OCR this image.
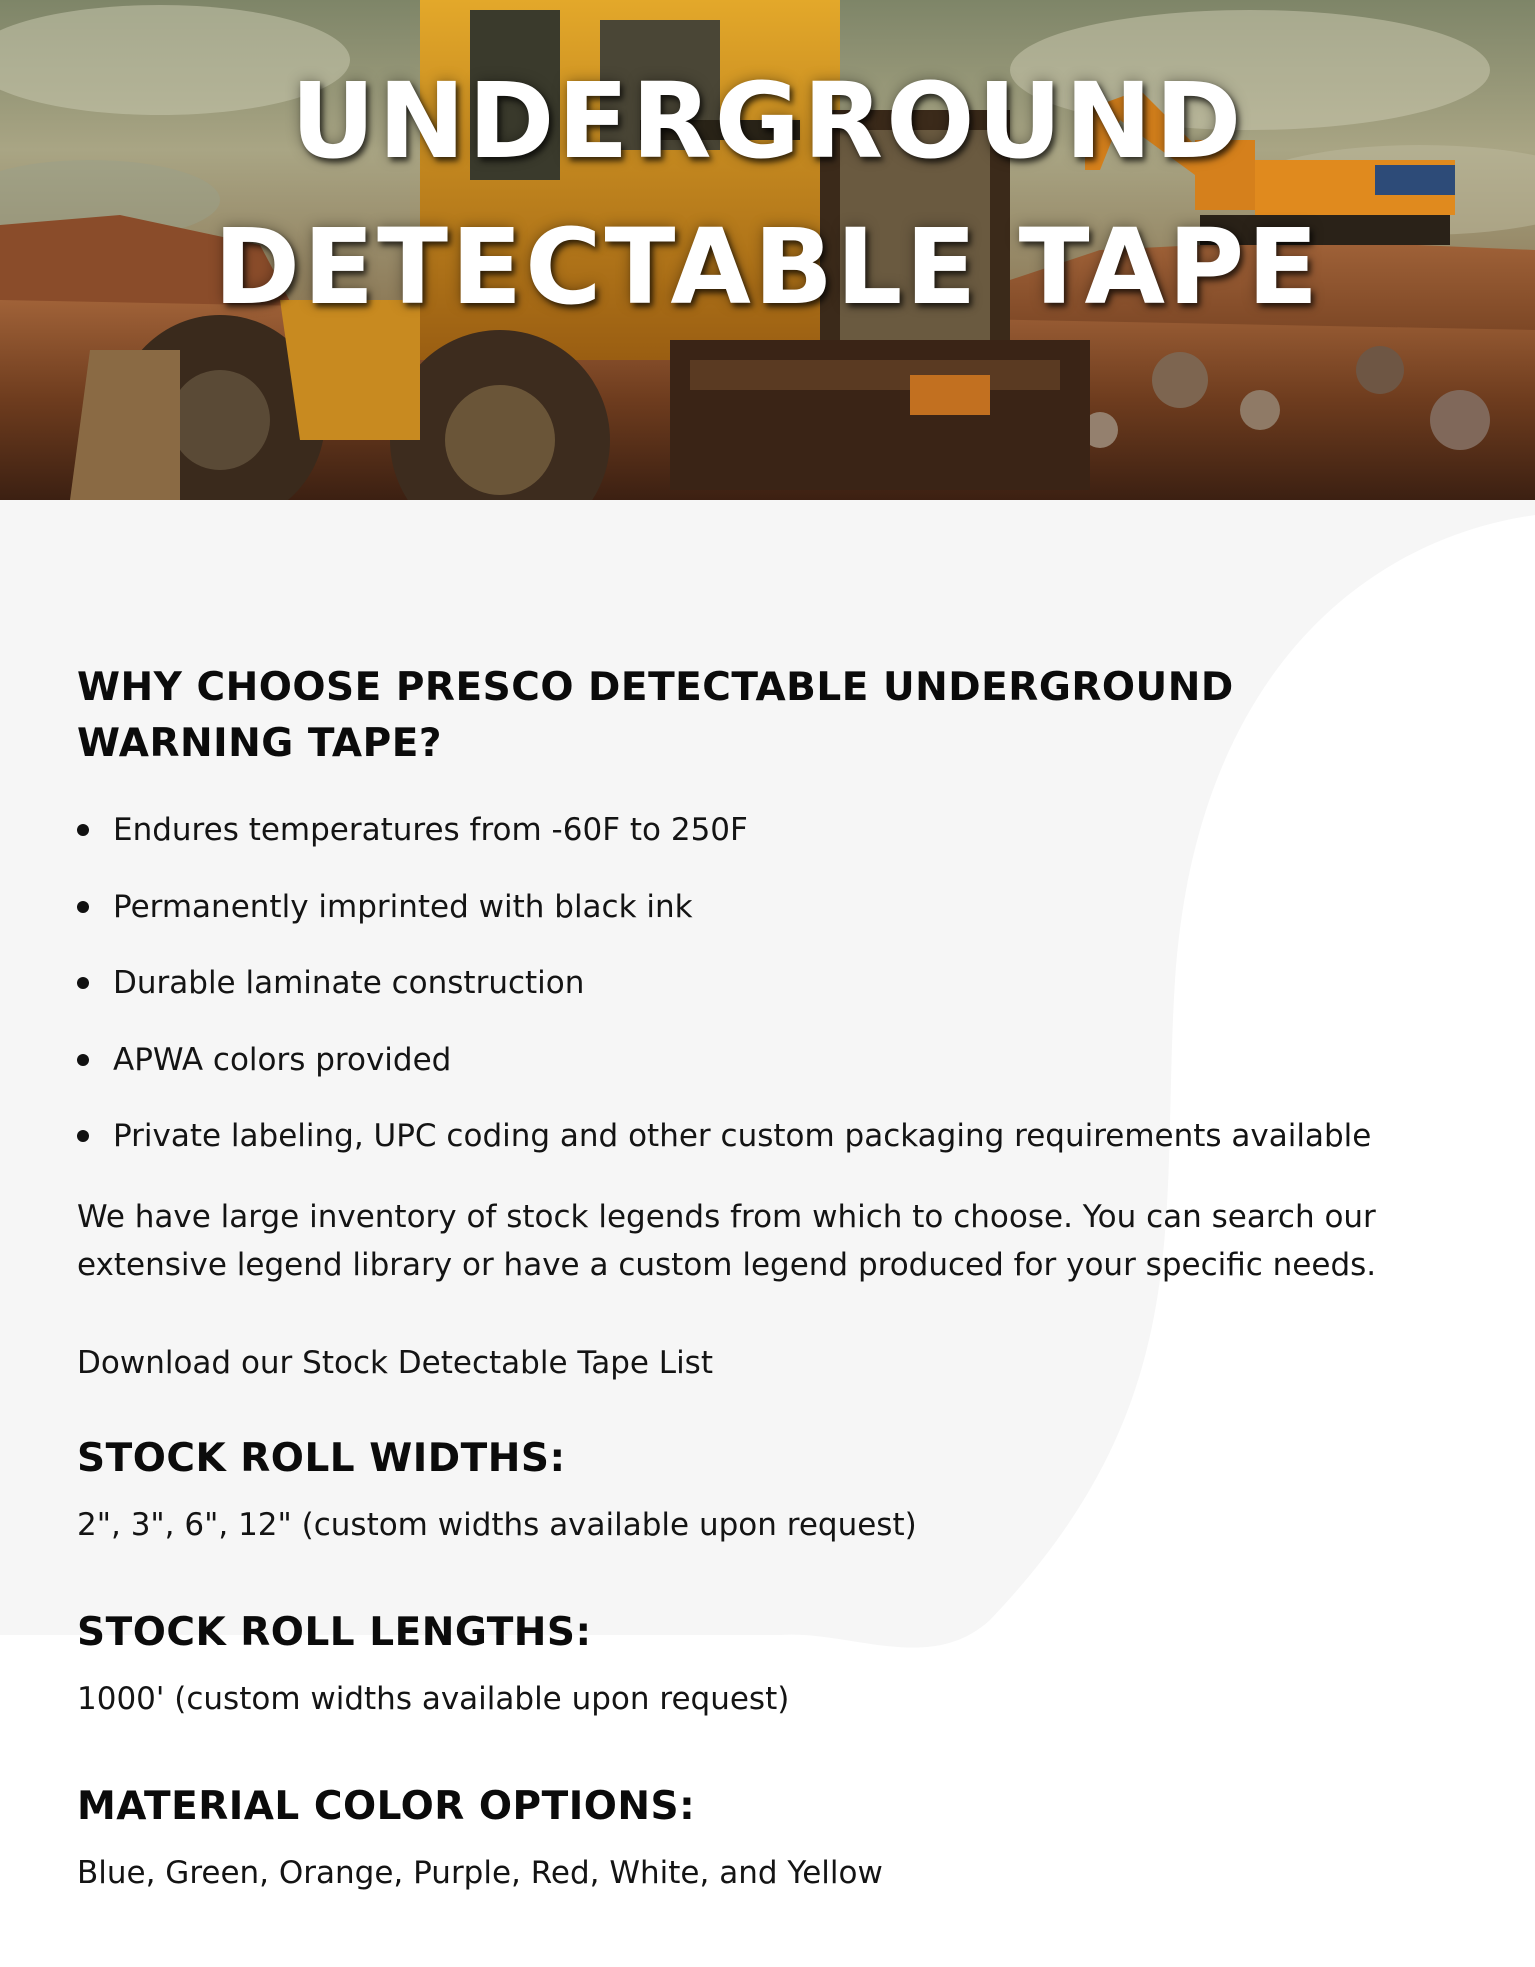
UNDERGROUND
DETECTABLE TAPE
WHY CHOOSE PRESCO DETECTABLE UNDERGROUND WARNING TAPE?
Endures temperatures from -60F to 250F
Permanently imprinted with black ink
Durable laminate construction
APWA colors provided
Private labeling, UPC coding and other custom packaging requirements available

We have large inventory of stock legends from which to choose. You can search our extensive legend library or have a custom legend produced for your specific needs.

Download our Stock Detectable Tape List
STOCK ROLL WIDTHS:
2", 3", 6", 12" (custom widths available upon request)
STOCK ROLL LENGTHS:
1000' (custom widths available upon request)
MATERIAL COLOR OPTIONS:
Blue, Green, Orange, Purple, Red, White, and Yellow
